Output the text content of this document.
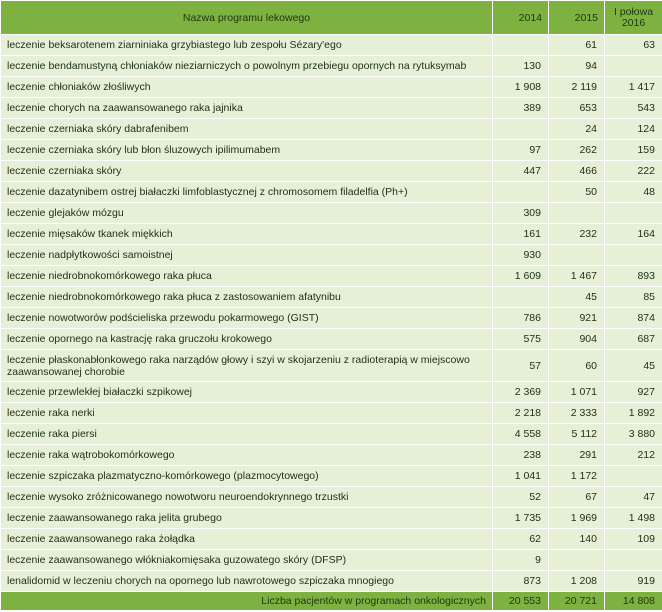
Nazwa programu lekowego	2014	2015	I połowa
2016
leczenie beksarotenem ziarniniaka grzybiastego lub zespołu Sézary'ego		61	63
leczenie bendamustyną chłoniaków nieziarniczych o powolnym przebiegu opornych na rytuksymab	130	94	
leczenie chłoniaków złośliwych	1 908	2 119	1 417
leczenie chorych na zaawansowanego raka jajnika	389	653	543
leczenie czerniaka skóry dabrafenibem		24	124
leczenie czerniaka skóry lub błon śluzowych ipilimumabem	97	262	159
leczenie czerniaka skóry	447	466	222
leczenie dazatynibem ostrej białaczki limfoblastycznej z chromosomem filadelfia (Ph+)		50	48
leczenie glejaków mózgu	309		
leczenie mięsaków tkanek miękkich	161	232	164
leczenie nadpłytkowości samoistnej	930		
leczenie niedrobnokomórkowego raka płuca	1 609	1 467	893
leczenie niedrobnokomórkowego raka płuca z zastosowaniem afatynibu		45	85
leczenie nowotworów podścieliska przewodu pokarmowego (GIST)	786	921	874
leczenie opornego na kastrację raka gruczołu krokowego	575	904	687
leczenie płaskonabłonkowego raka narządów głowy i szyi w skojarzeniu z radioterapią w miejscowo zaawansowanej chorobie	57	60	45
leczenie przewlekłej białaczki szpikowej	2 369	1 071	927
leczenie raka nerki	2 218	2 333	1 892
leczenie raka piersi	4 558	5 112	3 880
leczenie raka wątrobokomórkowego	238	291	212
leczenie szpiczaka plazmatyczno-komórkowego (plazmocytowego)	1 041	1 172	
leczenie wysoko zróżnicowanego nowotworu neuroendokrynnego trzustki	52	67	47
leczenie zaawansowanego raka jelita grubego	1 735	1 969	1 498
leczenie zaawansowanego raka żołądka	62	140	109
leczenie zaawansowanego włókniakomięsaka guzowatego skóry (DFSP)	9		
lenalidomid w leczeniu chorych na opornego lub nawrotowego szpiczaka mnogiego	873	1 208	919
Liczba pacjentów w programach onkologicznych	20 553	20 721	14 808
